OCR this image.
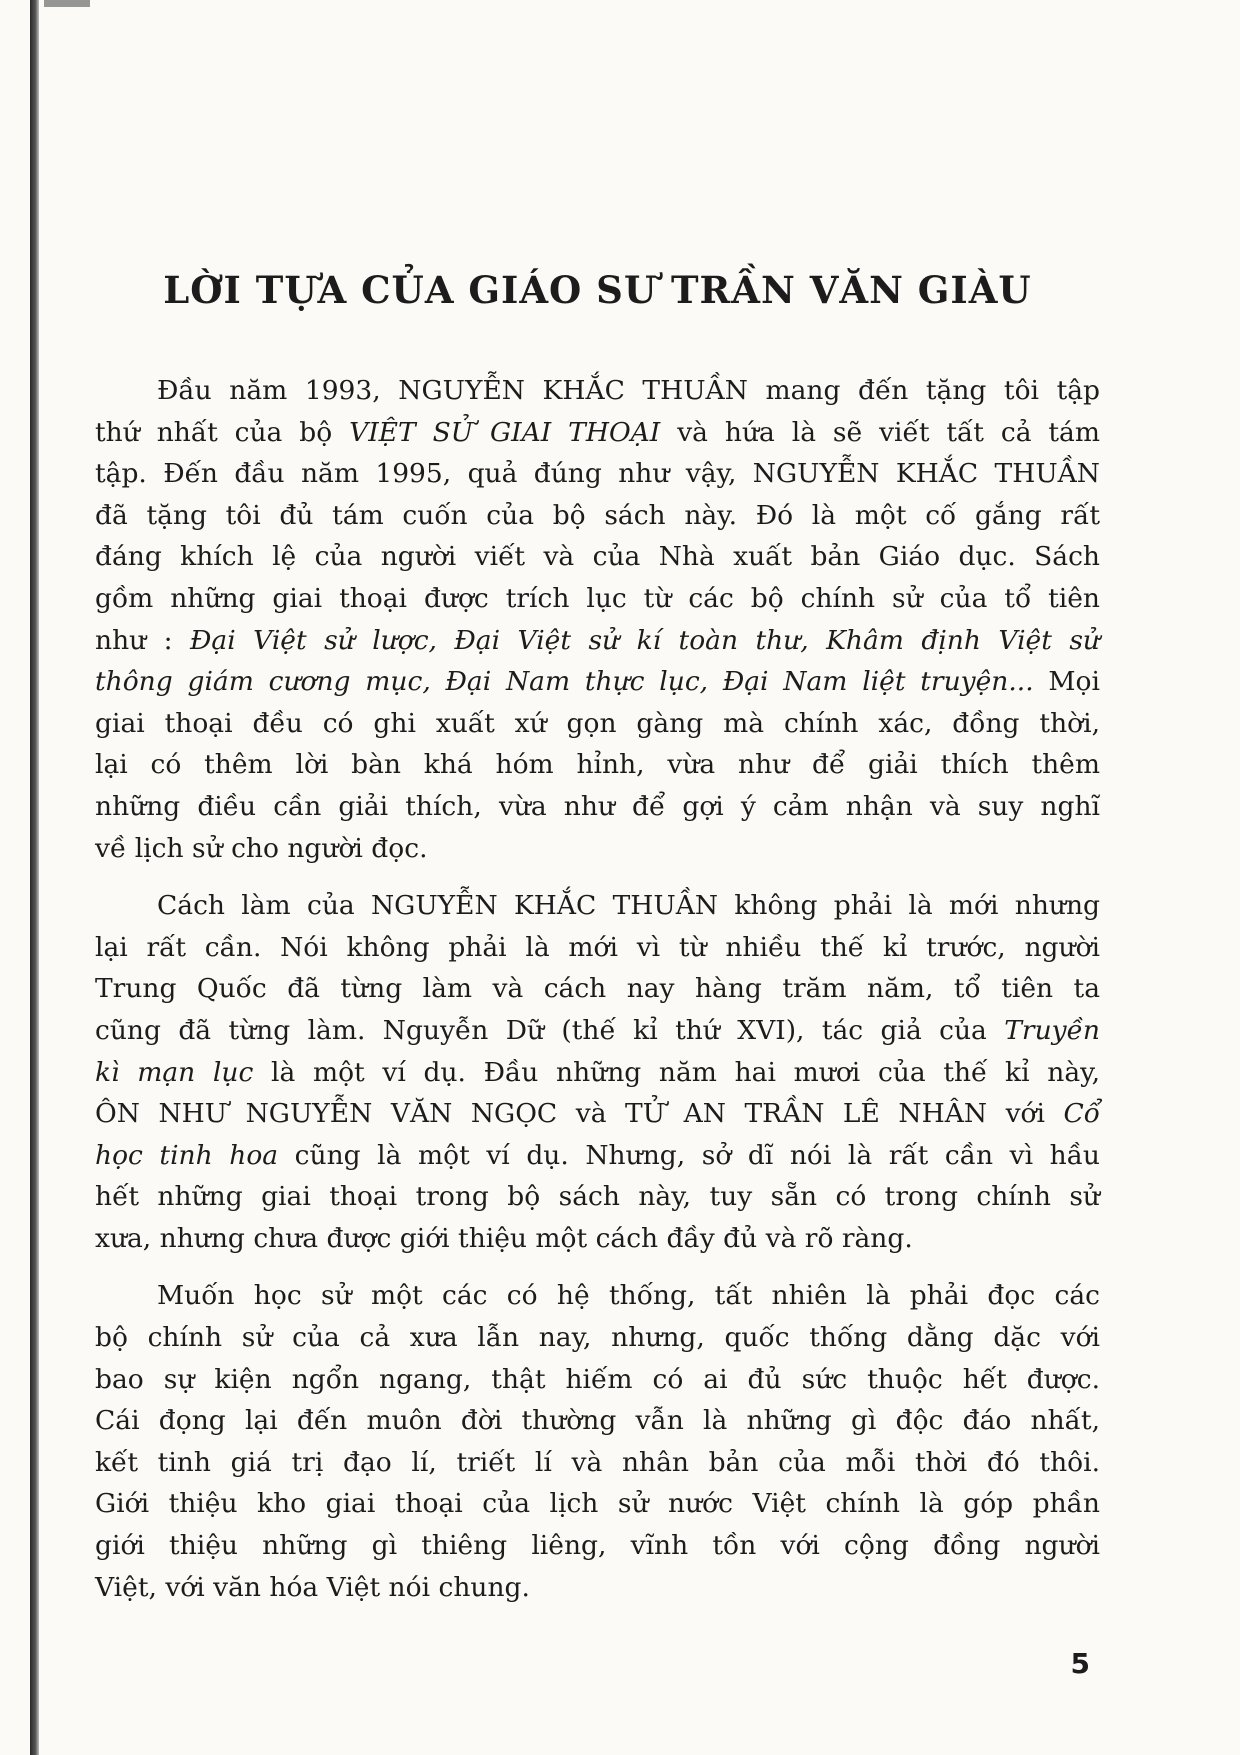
LỜI TỰA CỦA GIÁO SƯ TRẦN VĂN GIÀU

Đầu năm 1993, NGUYỄN KHẮC THUẦN mang đến tặng tôi tập
thứ nhất của bộ VIỆT SỬ GIAI THOẠI và hứa là sẽ viết tất cả tám
tập. Đến đầu năm 1995, quả đúng như vậy, NGUYỄN KHẮC THUẦN
đã tặng tôi đủ tám cuốn của bộ sách này. Đó là một cố gắng rất
đáng khích lệ của người viết và của Nhà xuất bản Giáo dục. Sách
gồm những giai thoại được trích lục từ các bộ chính sử của tổ tiên
như : Đại Việt sử lược, Đại Việt sử kí toàn thư, Khâm định Việt sử
thông giám cương mục, Đại Nam thực lục, Đại Nam liệt truyện... Mọi
giai thoại đều có ghi xuất xứ gọn gàng mà chính xác, đồng thời,
lại có thêm lời bàn khá hóm hỉnh, vừa như để giải thích thêm
những điều cần giải thích, vừa như để gợi ý cảm nhận và suy nghĩ
về lịch sử cho người đọc.

Cách làm của NGUYỄN KHẮC THUẦN không phải là mới nhưng
lại rất cần. Nói không phải là mới vì từ nhiều thế kỉ trước, người
Trung Quốc đã từng làm và cách nay hàng trăm năm, tổ tiên ta
cũng đã từng làm. Nguyễn Dữ (thế kỉ thứ XVI), tác giả của Truyền
kì mạn lục là một ví dụ. Đầu những năm hai mươi của thế kỉ này,
ÔN NHƯ NGUYỄN VĂN NGỌC và TỬ AN TRẦN LÊ NHÂN với Cổ
học tinh hoa cũng là một ví dụ. Nhưng, sở dĩ nói là rất cần vì hầu
hết những giai thoại trong bộ sách này, tuy sẵn có trong chính sử
xưa, nhưng chưa được giới thiệu một cách đầy đủ và rõ ràng.

Muốn học sử một các có hệ thống, tất nhiên là phải đọc các
bộ chính sử của cả xưa lẫn nay, nhưng, quốc thống dằng dặc với
bao sự kiện ngổn ngang, thật hiếm có ai đủ sức thuộc hết được.
Cái đọng lại đến muôn đời thường vẫn là những gì độc đáo nhất,
kết tinh giá trị đạo lí, triết lí và nhân bản của mỗi thời đó thôi.
Giới thiệu kho giai thoại của lịch sử nước Việt chính là góp phần
giới thiệu những gì thiêng liêng, vĩnh tồn với cộng đồng người
Việt, với văn hóa Việt nói chung.

5
